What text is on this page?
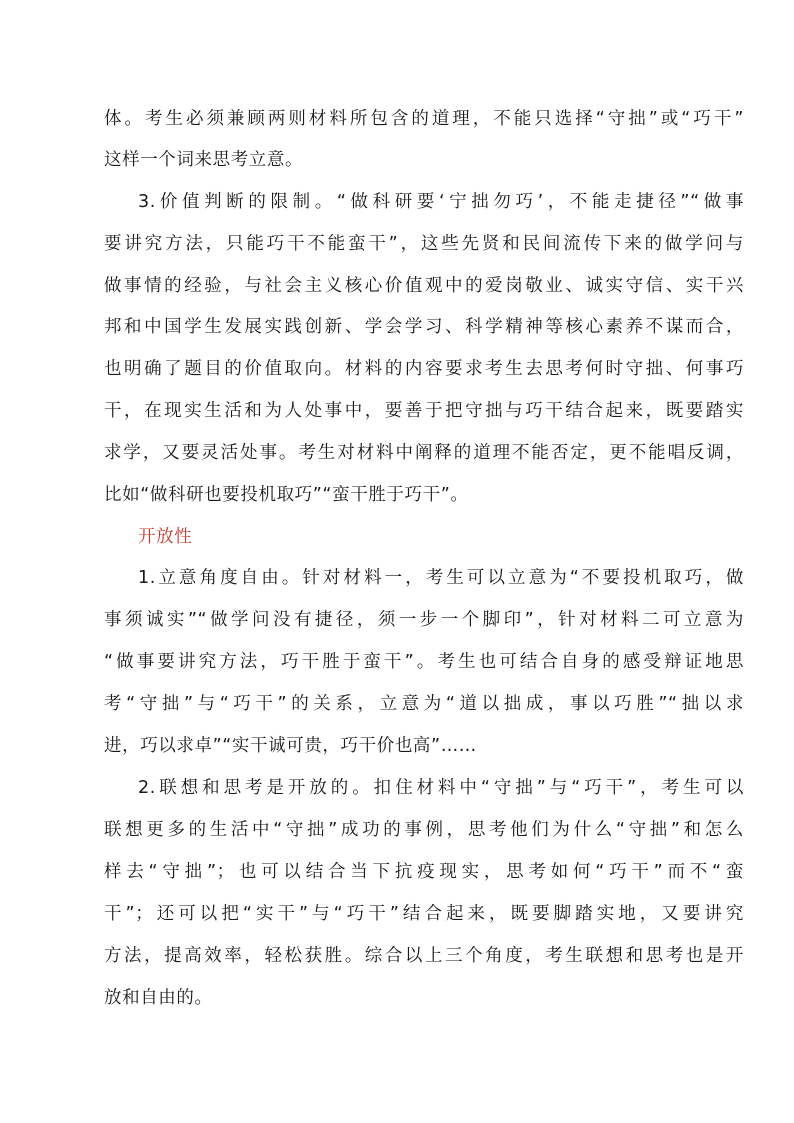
体。考生必须兼顾两则材料所包含的道理，不能只选择“守拙”或“巧干”
这样一个词来思考立意。
3.价值判断的限制。“做科研要‘宁拙勿巧’，不能走捷径”“做事
要讲究方法，只能巧干不能蛮干”，这些先贤和民间流传下来的做学问与
做事情的经验，与社会主义核心价值观中的爱岗敬业、诚实守信、实干兴
邦和中国学生发展实践创新、学会学习、科学精神等核心素养不谋而合，
也明确了题目的价值取向。材料的内容要求考生去思考何时守拙、何事巧
干，在现实生活和为人处事中，要善于把守拙与巧干结合起来，既要踏实
求学，又要灵活处事。考生对材料中阐释的道理不能否定，更不能唱反调，
比如“做科研也要投机取巧”“蛮干胜于巧干”。
开放性
1.立意角度自由。针对材料一，考生可以立意为“不要投机取巧，做
事须诚实”“做学问没有捷径，须一步一个脚印”，针对材料二可立意为
“做事要讲究方法，巧干胜于蛮干”。考生也可结合自身的感受辩证地思
考“守拙”与“巧干”的关系，立意为“道以拙成，事以巧胜”“拙以求
进，巧以求卓”“实干诚可贵，巧干价也高”……
2.联想和思考是开放的。扣住材料中“守拙”与“巧干”，考生可以
联想更多的生活中“守拙”成功的事例，思考他们为什么“守拙”和怎么
样去“守拙”；也可以结合当下抗疫现实，思考如何“巧干”而不“蛮
干”；还可以把“实干”与“巧干”结合起来，既要脚踏实地，又要讲究
方法，提高效率，轻松获胜。综合以上三个角度，考生联想和思考也是开
放和自由的。
